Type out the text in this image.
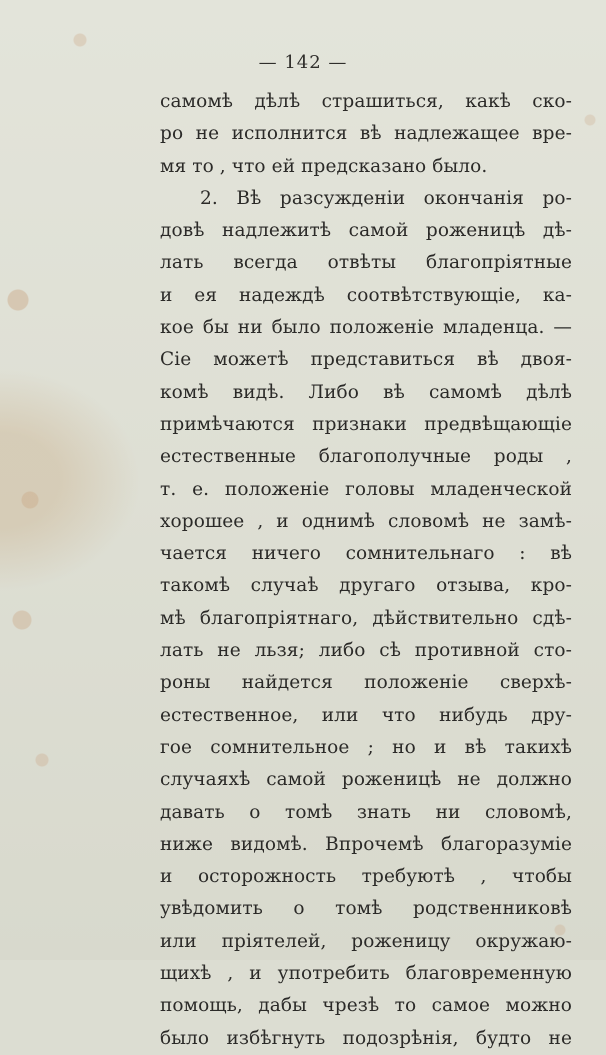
— 142 —
самомѣ дѣлѣ страшиться, какѣ ско-
ро не исполнится вѣ надлежащее вре-
мя то , что ей предсказано было.
2. Вѣ разсужденіи окончанія ро-
довѣ надлежитѣ самой роженицѣ дѣ-
лать всегда отвѣты благопріятные
и ея надеждѣ соотвѣтствующіе, ка-
кое бы ни было положеніе младенца. —
Сіе можетѣ представиться вѣ двоя-
комѣ видѣ. Либо вѣ самомѣ дѣлѣ
примѣчаются признаки предвѣщающіе
естественные благополучные роды ,
т. е. положеніе головы младенческой
хорошее , и однимѣ словомѣ не замѣ-
чается ничего сомнительнаго : вѣ
такомѣ случаѣ другаго отзыва, кро-
мѣ благопріятнаго, дѣйствительно сдѣ-
лать не льзя; либо сѣ противной сто-
роны найдется положеніе сверхѣ-
естественное, или что нибудь дру-
гое сомнительное ; но и вѣ такихѣ
случаяхѣ самой роженицѣ не должно
давать о томѣ знать ни словомѣ,
ниже видомѣ. Впрочемѣ благоразуміе
и осторожность требуютѣ , чтобы
увѣдомить о томѣ родственниковѣ
или пріятелей, роженицу окружаю-
щихѣ , и употребить благовременную
помощь, дабы чрезѣ то самое можно
было избѣгнуть подозрѣнія, будто не
